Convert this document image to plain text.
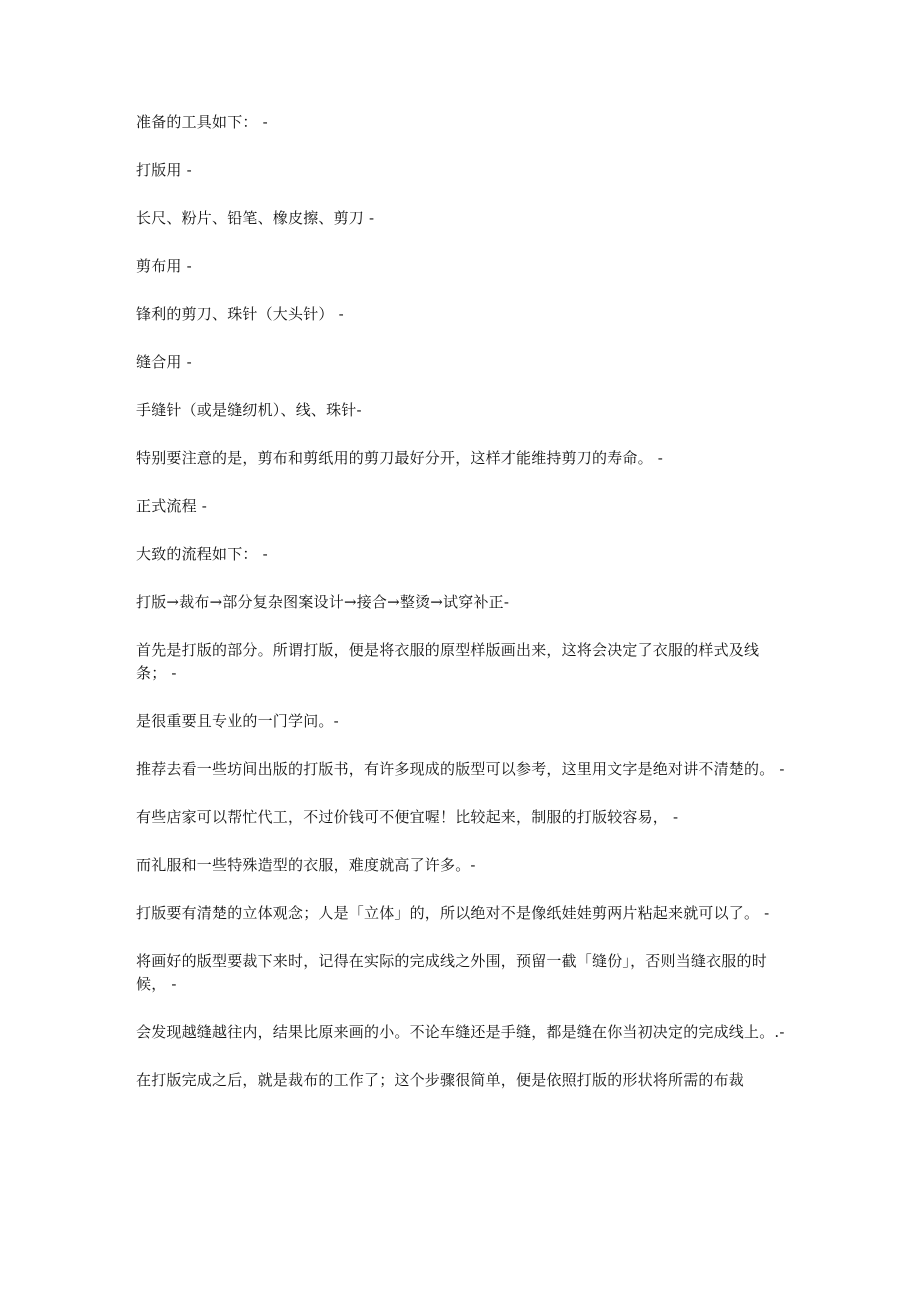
准备的工具如下： -

打版用 -

长尺、粉片、铅笔、橡皮擦、剪刀 -

剪布用 -

锋利的剪刀、珠针（大头针） -

缝合用 -

手缝针（或是缝纫机）、线、珠针-

特别要注意的是，剪布和剪纸用的剪刀最好分开，这样才能维持剪刀的寿命。 -

正式流程 -

大致的流程如下： -

打版→裁布→部分复杂图案设计→接合→整烫→试穿补正-

首先是打版的部分。所谓打版，便是将衣服的原型样版画出来，这将会决定了衣服的样式及线条； -

是很重要且专业的一门学问。-

推荐去看一些坊间出版的打版书，有许多现成的版型可以参考，这里用文字是绝对讲不清楚的。 -

有些店家可以帮忙代工，不过价钱可不便宜喔！比较起来，制服的打版较容易， -

而礼服和一些特殊造型的衣服，难度就高了许多。-

打版要有清楚的立体观念；人是「立体」的，所以绝对不是像纸娃娃剪两片粘起来就可以了。 -

将画好的版型要裁下来时，记得在实际的完成线之外围，预留一截「缝份」，否则当缝衣服的时候， -

会发现越缝越往内，结果比原来画的小。不论车缝还是手缝，都是缝在你当初决定的完成线上。.-

在打版完成之后，就是裁布的工作了；这个步骤很简单，便是依照打版的形状将所需的布裁
